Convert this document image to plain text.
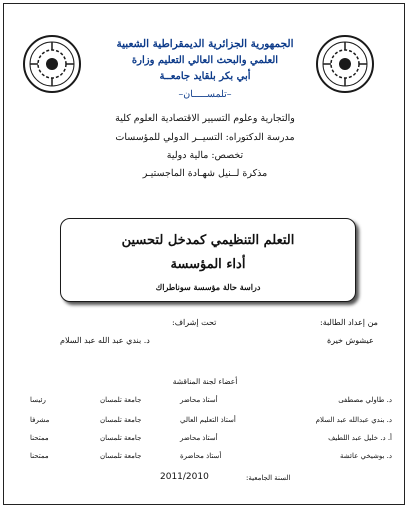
الجمهورية الجزائرية الديمقراطية الشعبية
العلمي والبحث العالي التعليم وزارة
أبي بكر بلقايد جامعــة
–تلمســـــان–
والتجارية وعلوم التسيير الاقتصادية العلوم كلية
مدرسة الدكتوراه: التسيــر الدولي للمؤسسات
تخصص: مالية دولية
مذكرة لــنيل شهـادة الماجستيـر
التعلم التنظيمي كمدخل لتحسين
أداء المؤسسة
دراسة حالة مؤسسة سوناطراك
تحت إشراف:
د. بندي عبد الله عبد السلام
من إعداد الطالبة:
عيشوش خيرة
أعضاء لجنة المناقشة
د. طاولي مصطفى
أستاذ محاضر
جامعة تلمسان
رئيسا
د. بندي عبدالله عبد السلام
أستاذ التعليم العالي
جامعة تلمسان
مشرفا
أ. د. خليل عبد اللطيف
أستاذ محاضر
جامعة تلمسان
ممتحنا
د. بوشيخي عائشة
أستاذ محاضرة
جامعة تلمسان
ممتحنا
السنة الجامعية:
2011/2010
